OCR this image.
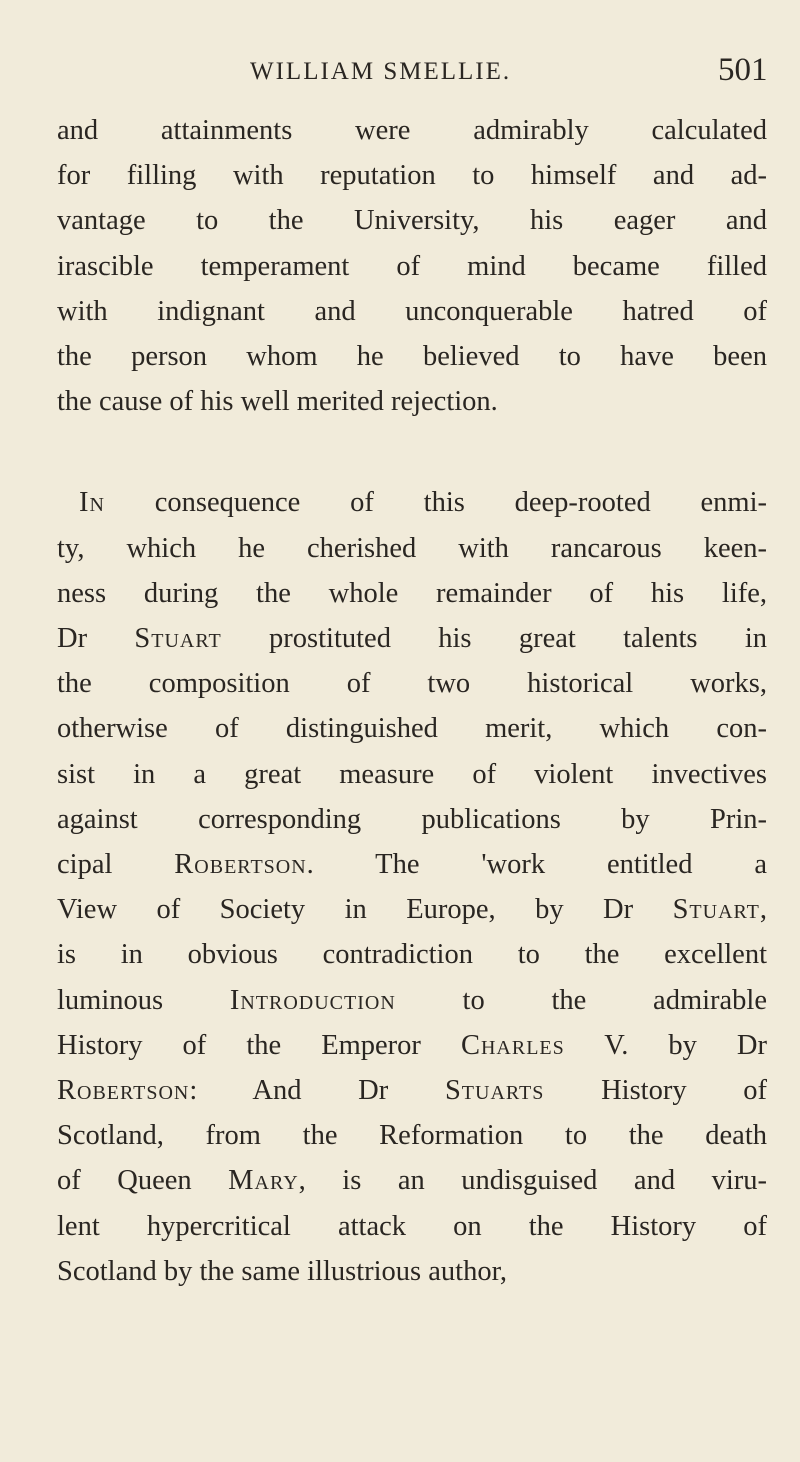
WILLIAM SMELLIE.	501
and attainments were admirably calculated
for filling with reputation to himself and ad-
vantage to the University, his eager and
irascible temperament of mind became filled
with indignant and unconquerable hatred of
the person whom he believed to have been
the cause of his well merited rejection.
In consequence of this deep-rooted enmi-
ty, which he cherished with rancarous keen-
ness during the whole remainder of his life,
Dr Stuart prostituted his great talents in
the composition of two historical works,
otherwise of distinguished merit, which con-
sist in a great measure of violent invectives
against corresponding publications by Prin-
cipal Robertson. The 'work entitled a
View of Society in Europe, by Dr Stuart,
is in obvious contradiction to the excellent
luminous Introduction to the admirable
History of the Emperor Charles V. by Dr
Robertson: And Dr Stuarts History of
Scotland, from the Reformation to the death
of Queen Mary, is an undisguised and viru-
lent hypercritical attack on the History of
Scotland by the same illustrious author,
